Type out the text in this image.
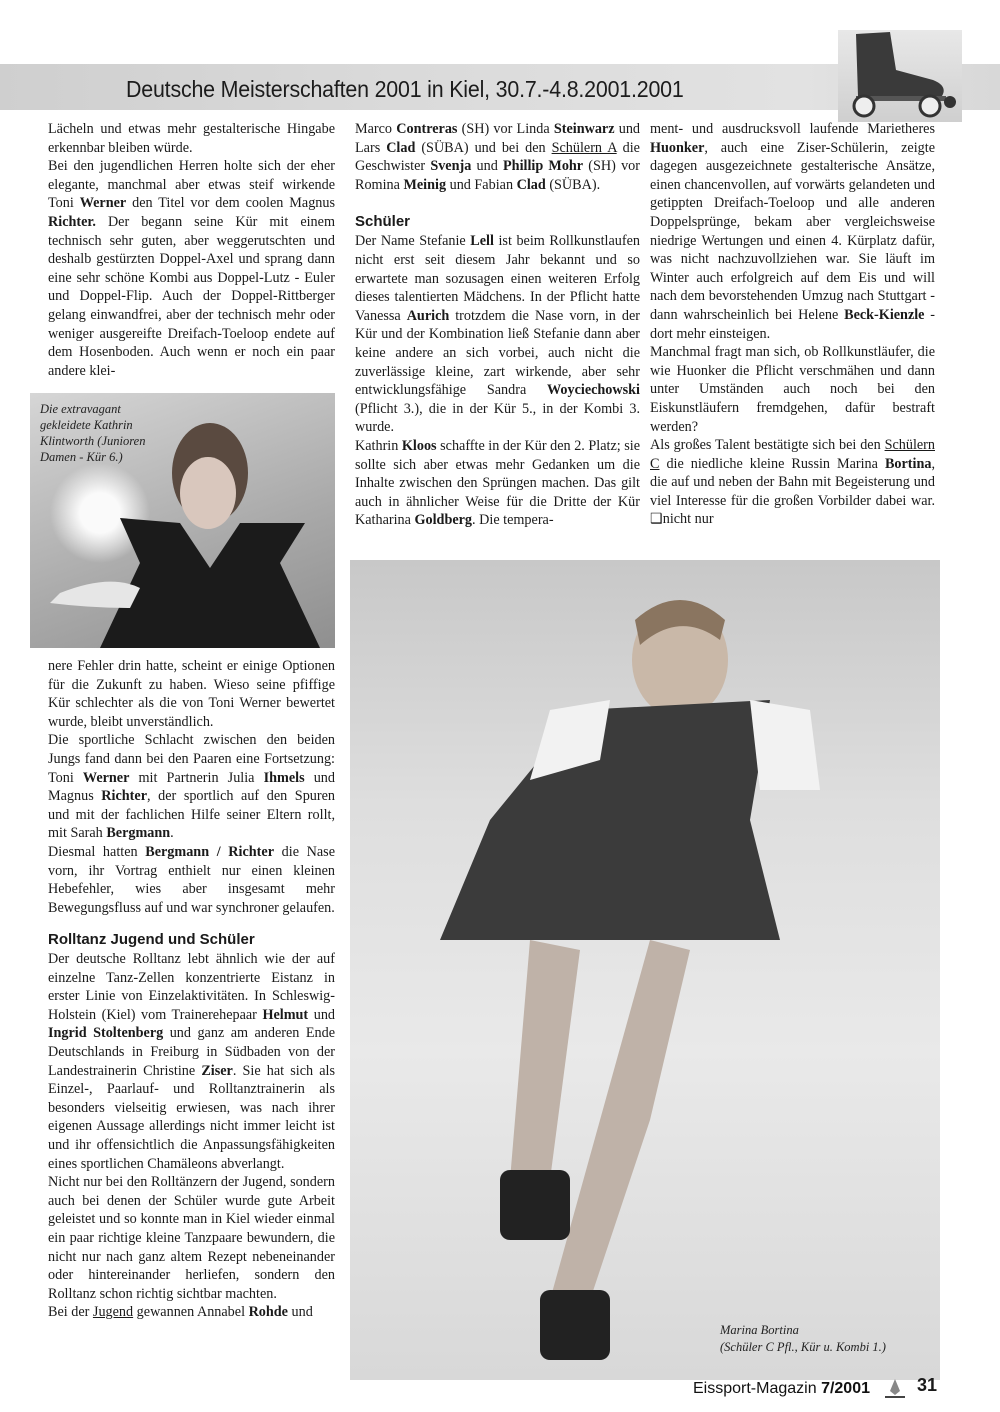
Deutsche Meisterschaften 2001 in Kiel, 30.7.-4.8.2001.2001

Lächeln und etwas mehr gestalterische Hingabe erkennbar bleiben würde.

Bei den jugendlichen Herren holte sich der eher elegante, manchmal aber etwas steif wirkende Toni Werner den Titel vor dem coolen Magnus Richter. Der begann seine Kür mit einem technisch sehr guten, aber weggerutschten und deshalb gestürzten Doppel-Axel und sprang dann eine sehr schöne Kombi aus Doppel-Lutz - Euler und Doppel-Flip. Auch der Doppel-Rittberger gelang einwandfrei, aber der technisch mehr oder weniger ausgereifte Dreifach-Toeloop endete auf dem Hosenboden. Auch wenn er noch ein paar andere klei-

Die extravagant gekleidete Kathrin Klintworth (Junioren Damen - Kür 6.)

nere Fehler drin hatte, scheint er einige Optionen für die Zukunft zu haben. Wieso seine pfiffige Kür schlechter als die von Toni Werner bewertet wurde, bleibt unverständlich.

Die sportliche Schlacht zwischen den beiden Jungs fand dann bei den Paaren eine Fortsetzung: Toni Werner mit Partnerin Julia Ihmels und Magnus Richter, der sportlich auf den Spuren und mit der fachlichen Hilfe seiner Eltern rollt, mit Sarah Bergmann.

Diesmal hatten Bergmann / Richter die Nase vorn, ihr Vortrag enthielt nur einen kleinen Hebefehler, wies aber insgesamt mehr Bewegungsfluss auf und war synchroner gelaufen.

Rolltanz Jugend und Schüler

Der deutsche Rolltanz lebt ähnlich wie der auf einzelne Tanz-Zellen konzentrierte Eistanz in erster Linie von Einzelaktivitäten. In Schleswig-Holstein (Kiel) vom Trainerehepaar Helmut und Ingrid Stoltenberg und ganz am anderen Ende Deutschlands in Freiburg in Südbaden von der Landestrainerin Christine Ziser. Sie hat sich als Einzel-, Paarlauf- und Rolltanztrainerin als besonders vielseitig erwiesen, was nach ihrer eigenen Aussage allerdings nicht immer leicht ist und ihr offensichtlich die Anpassungsfähigkeiten eines sportlichen Chamäleons abverlangt.

Nicht nur bei den Rolltänzern der Jugend, sondern auch bei denen der Schüler wurde gute Arbeit geleistet und so konnte man in Kiel wieder einmal ein paar richtige kleine Tanzpaare bewundern, die nicht nur nach ganz altem Rezept nebeneinander oder hintereinander herliefen, sondern den Rolltanz schon richtig sichtbar machten.

Bei der Jugend gewannen Annabel Rohde und

Marco Contreras (SH) vor Linda Steinwarz und Lars Clad (SÜBA) und bei den Schülern A die Geschwister Svenja und Phillip Mohr (SH) vor Romina Meinig und Fabian Clad (SÜBA).

Schüler

Der Name Stefanie Lell ist beim Rollkunstlaufen nicht erst seit diesem Jahr bekannt und so erwartete man sozusagen einen weiteren Erfolg dieses talentierten Mädchens. In der Pflicht hatte Vanessa Aurich trotzdem die Nase vorn, in der Kür und der Kombination ließ Stefanie dann aber keine andere an sich vorbei, auch nicht die zuverlässige kleine, zart wirkende, aber sehr entwicklungsfähige Sandra Woyciechowski (Pflicht 3.), die in der Kür 5., in der Kombi 3. wurde.

Kathrin Kloos schaffte in der Kür den 2. Platz; sie sollte sich aber etwas mehr Gedanken um die Inhalte zwischen den Sprüngen machen. Das gilt auch in ähnlicher Weise für die Dritte der Kür Katharina Goldberg. Die tempera-

ment- und ausdrucksvoll laufende Marietheres Huonker, auch eine Ziser-Schülerin, zeigte dagegen ausgezeichnete gestalterische Ansätze, einen chancenvollen, auf vorwärts gelandeten und getippten Dreifach-Toeloop und alle anderen Doppelsprünge, bekam aber vergleichsweise niedrige Wertungen und einen 4. Kürplatz dafür, was nicht nachzuvollziehen war. Sie läuft im Winter auch erfolgreich auf dem Eis und will nach dem bevorstehenden Umzug nach Stuttgart - dann wahrscheinlich bei Helene Beck-Kienzle - dort mehr einsteigen.

Manchmal fragt man sich, ob Rollkunstläufer, die wie Huonker die Pflicht verschmähen und dann unter Umständen auch noch bei den Eiskunstläufern fremdgehen, dafür bestraft werden?

Als großes Talent bestätigte sich bei den Schülern C die niedliche kleine Russin Marina Bortina, die auf und neben der Bahn mit Begeisterung und viel Interesse für die großen Vorbilder dabei war. ❑nicht nur

Marina Bortina
(Schüler C Pfl., Kür u. Kombi 1.)
Eissport-Magazin 7/2001	31
